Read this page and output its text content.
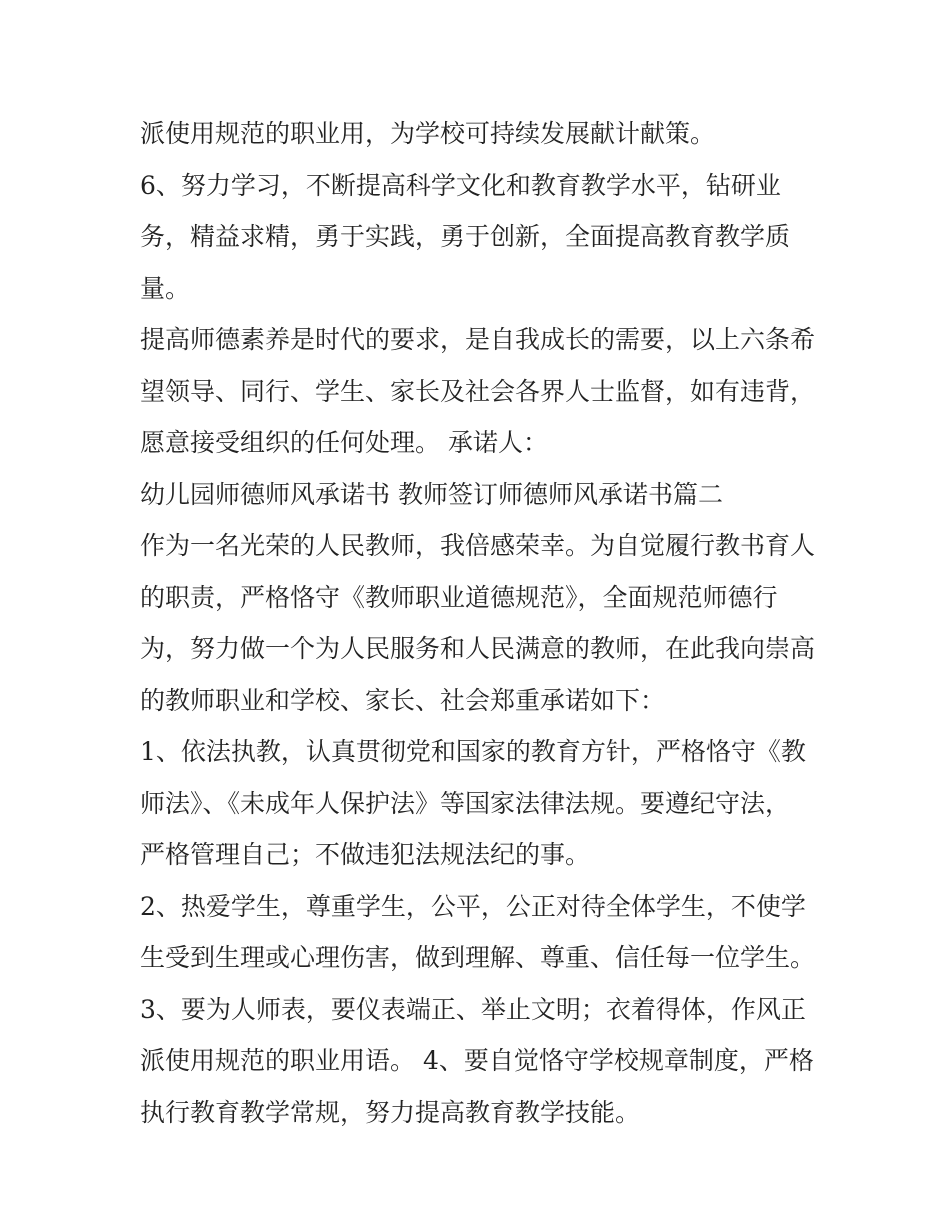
派使用规范的职业用，为学校可持续发展献计献策。
6、努力学习，不断提高科学文化和教育教学水平，钻研业
务，精益求精，勇于实践，勇于创新，全面提高教育教学质
量。
提高师德素养是时代的要求，是自我成长的需要，以上六条希
望领导、同行、学生、家长及社会各界人士监督，如有违背，
愿意接受组织的任何处理。 承诺人：
幼儿园师德师风承诺书 教师签订师德师风承诺书篇二
作为一名光荣的人民教师，我倍感荣幸。为自觉履行教书育人
的职责，严格恪守《教师职业道德规范》，全面规范师德行
为，努力做一个为人民服务和人民满意的教师，在此我向崇高
的教师职业和学校、家长、社会郑重承诺如下：
1、依法执教，认真贯彻党和国家的教育方针，严格恪守《教
师法》、《未成年人保护法》等国家法律法规。要遵纪守法，
严格管理自己；不做违犯法规法纪的事。
2、热爱学生，尊重学生，公平，公正对待全体学生，不使学
生受到生理或心理伤害，做到理解、尊重、信任每一位学生。
3、要为人师表，要仪表端正、举止文明；衣着得体，作风正
派使用规范的职业用语。 4、要自觉恪守学校规章制度，严格
执行教育教学常规，努力提高教育教学技能。
